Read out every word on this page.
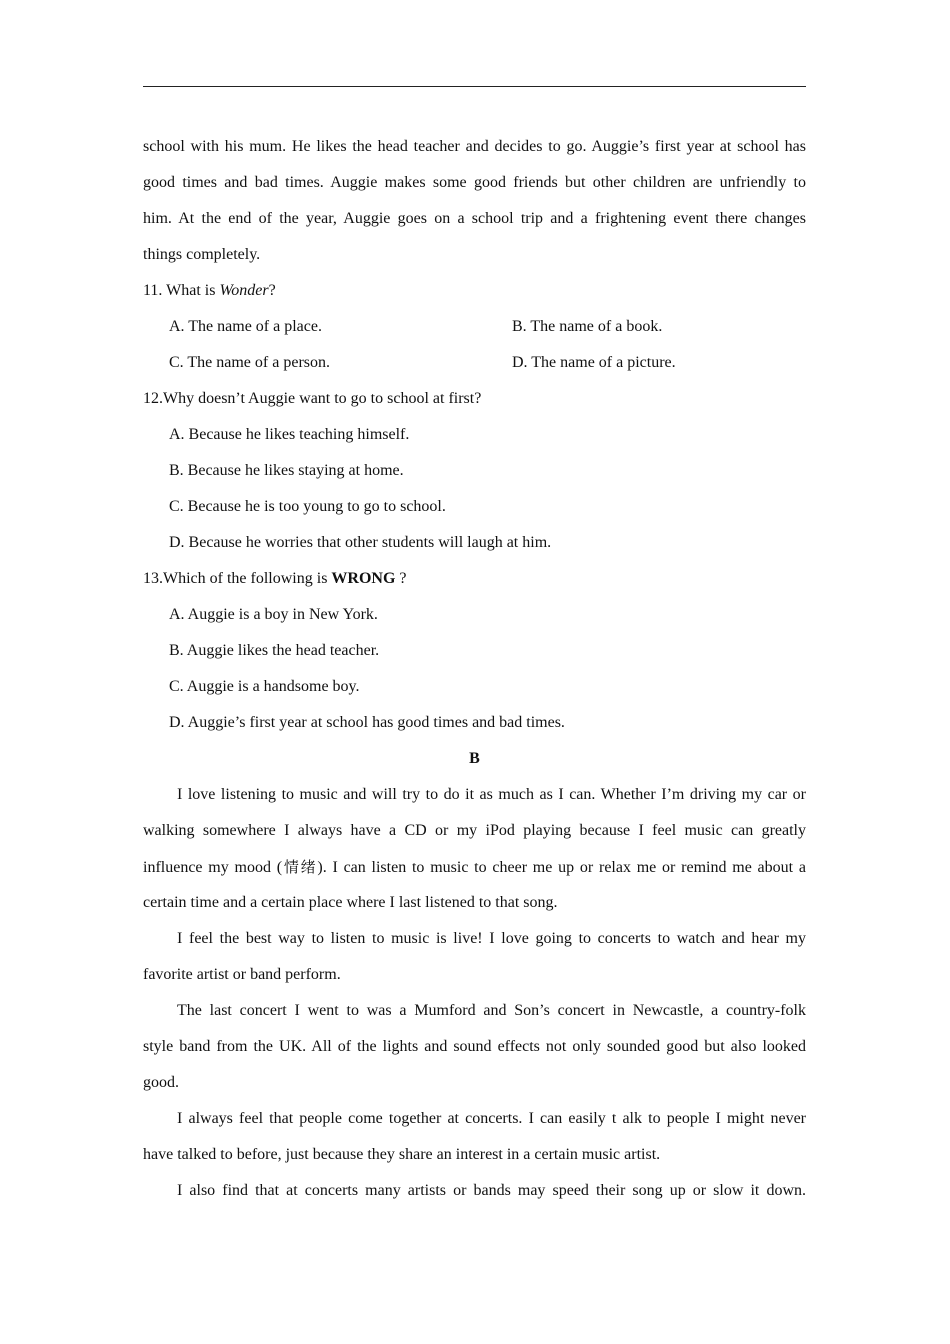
school with his mum. He likes the head teacher and decides to go. Auggie’s first year at school has
good times and bad times. Auggie makes some good friends but other children are unfriendly to
him. At the end of the year, Auggie goes on a school trip and a frightening event there changes
things completely.
11. What is Wonder?
A. The name of a place.	B. The name of a book.
C. The name of a person.	D. The name of a picture.
12.Why doesn’t Auggie want to go to school at first?
A. Because he likes teaching himself.
B. Because he likes staying at home.
C. Because he is too young to go to school.
D. Because he worries that other students will laugh at him.
13.Which of the following is WRONG ?
A. Auggie is a boy in New York.
B. Auggie likes the head teacher.
C. Auggie is a handsome boy.
D. Auggie’s first year at school has good times and bad times.
B
I love listening to music and will try to do it as much as I can. Whether I’m driving my car or
walking somewhere I always have a CD or my iPod playing because I feel music can greatly
influence my mood (情绪). I can listen to music to cheer me up or relax me or remind me about a
certain time and a certain place where I last listened to that song.
I feel the best way to listen to music is live! I love going to concerts to watch and hear my
favorite artist or band perform.
The last concert I went to was a Mumford and Son’s concert in Newcastle, a country-folk
style band from the UK. All of the lights and sound effects not only sounded good but also looked
good.
I always feel that people come together at concerts. I can easily t alk to people I might never
have talked to before, just because they share an interest in a certain music artist.
I also find that at concerts many artists or bands may speed their song up or slow it down.
